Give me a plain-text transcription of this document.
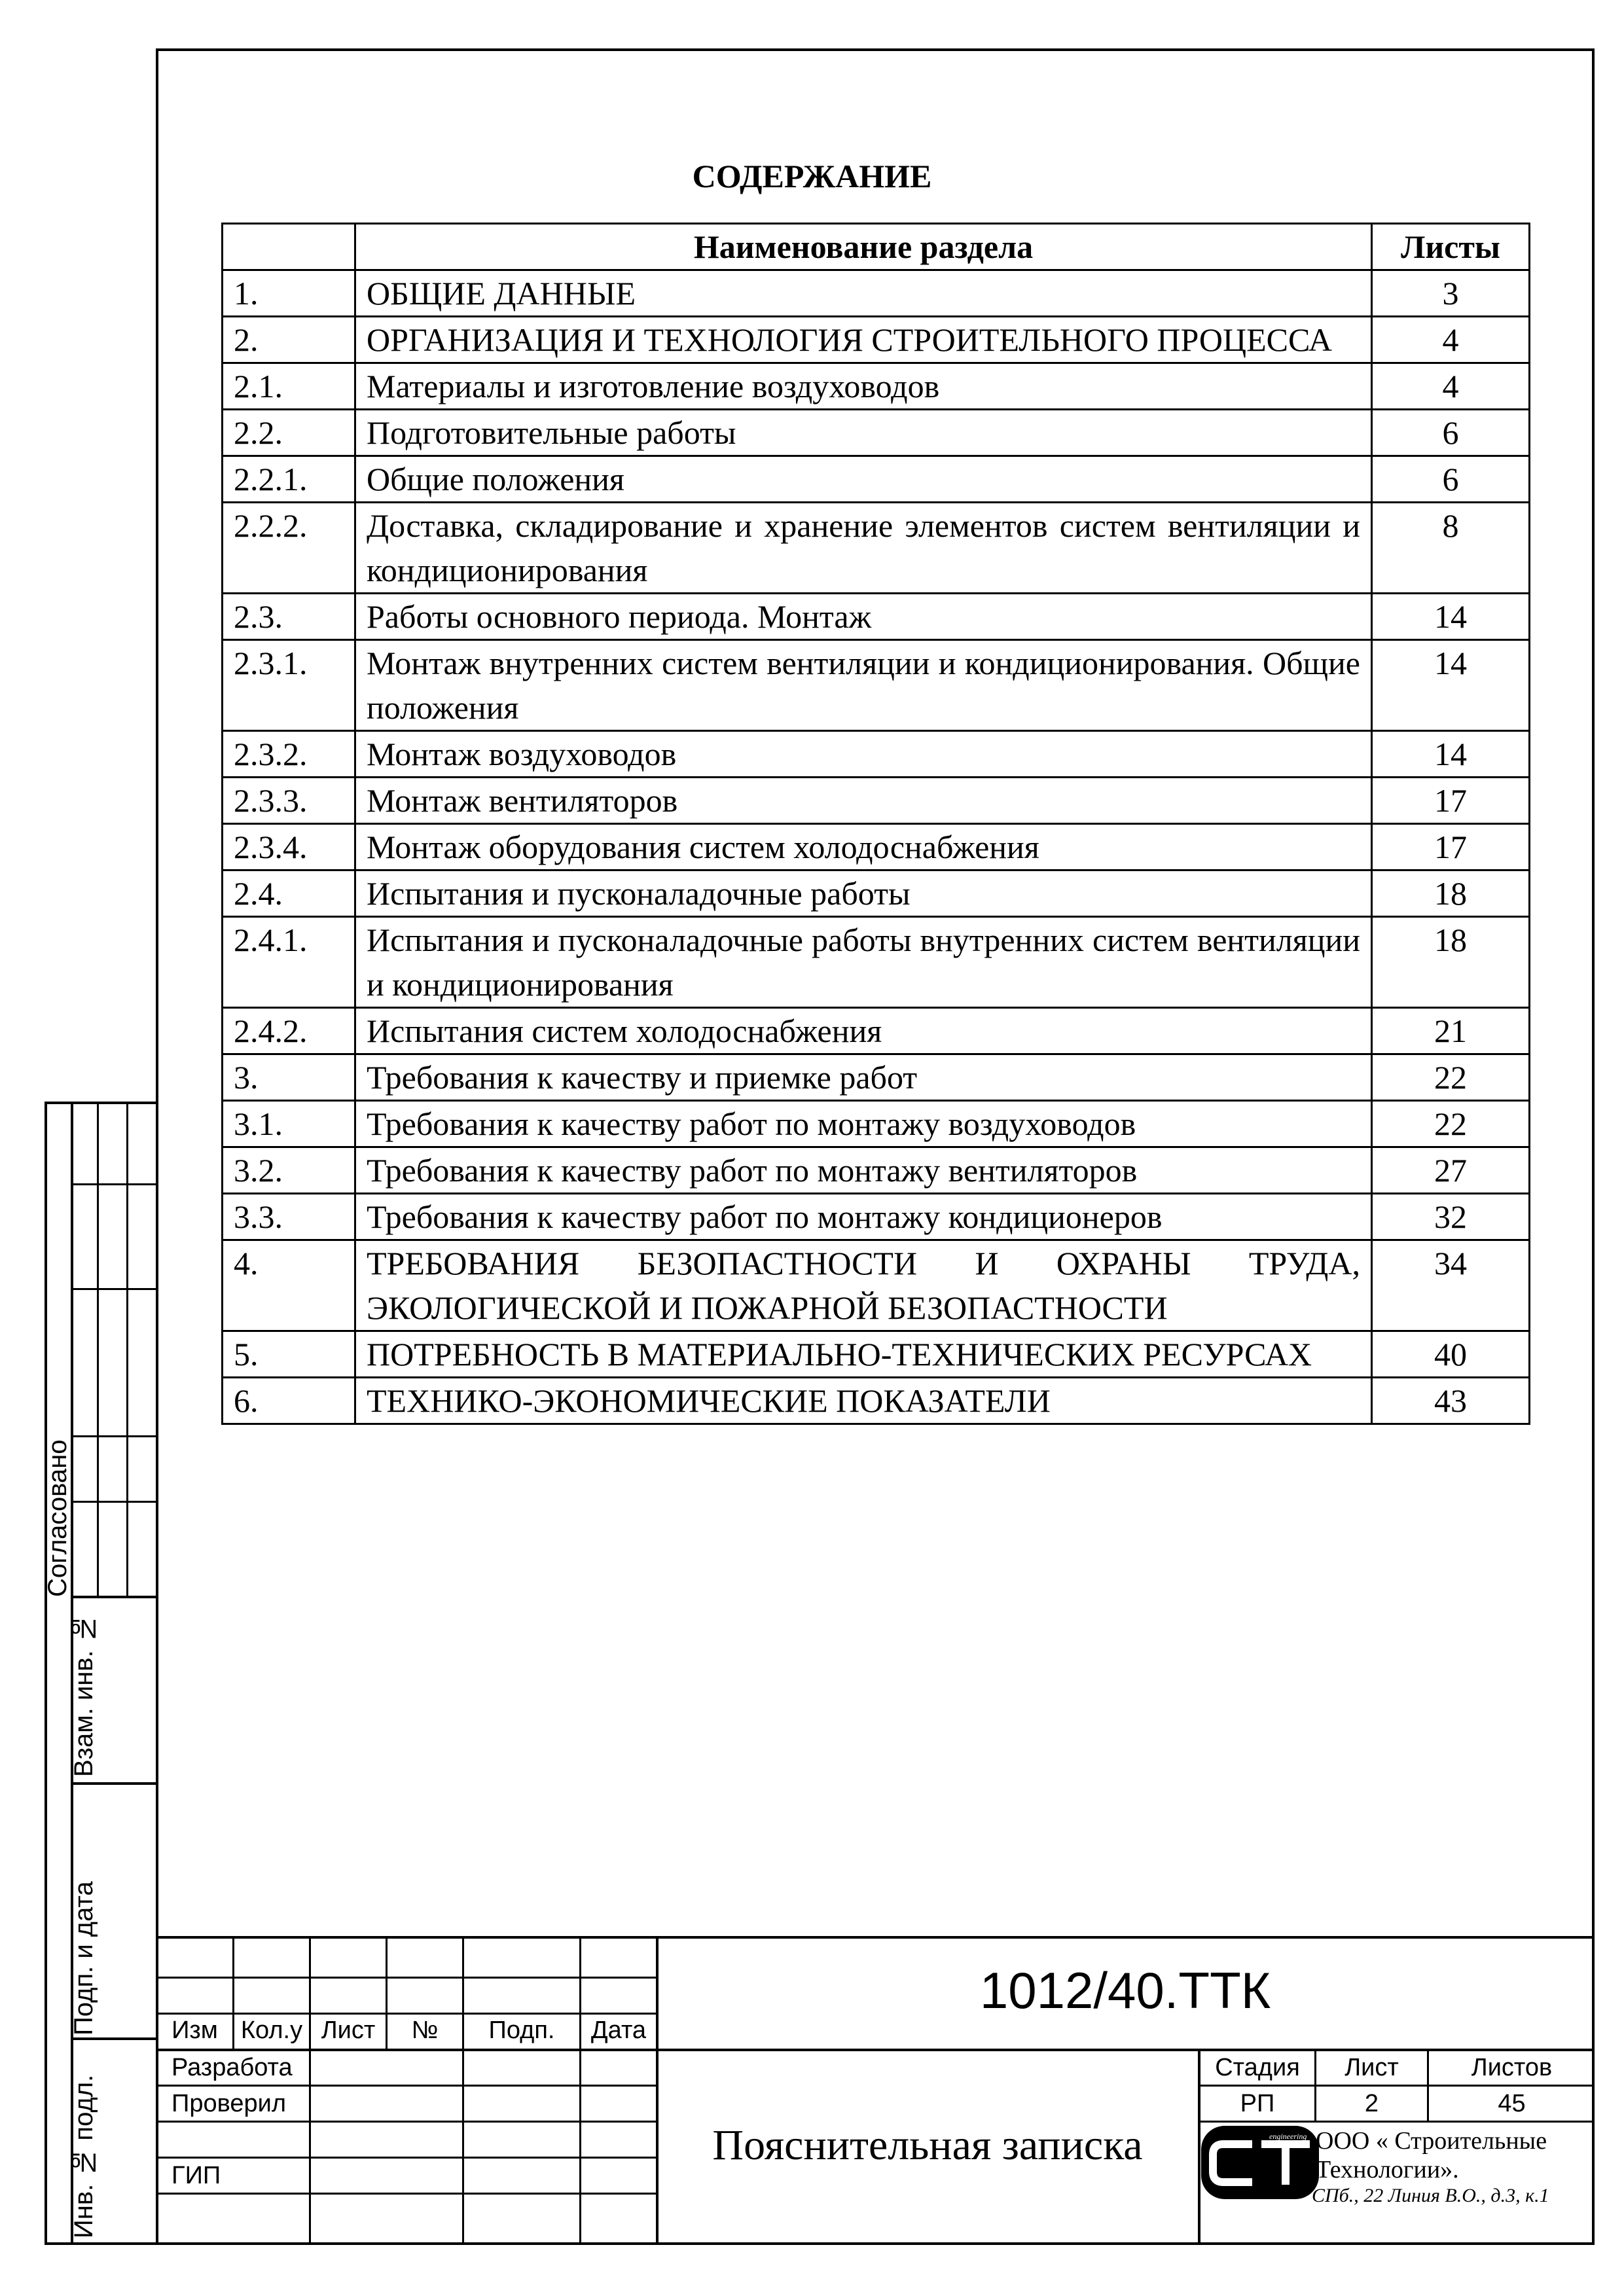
СОДЕРЖАНИЕ
	Наименование раздела	Листы
1.	ОБЩИЕ ДАННЫЕ	3
2.	ОРГАНИЗАЦИЯ И ТЕХНОЛОГИЯ СТРОИТЕЛЬНОГО ПРОЦЕССА	4
2.1.	Материалы и изготовление воздуховодов	4
2.2.	Подготовительные работы	6
2.2.1.	Общие положения	6
2.2.2.	Доставка, складирование и хранение элементов систем вентиляции и кондиционирования	8
2.3.	Работы основного периода. Монтаж	14
2.3.1.	Монтаж внутренних систем вентиляции и кондиционирования. Общие положения	14
2.3.2.	Монтаж воздуховодов	14
2.3.3.	Монтаж вентиляторов	17
2.3.4.	Монтаж оборудования систем холодоснабжения	17
2.4.	Испытания и пусконаладочные работы	18
2.4.1.	Испытания и пусконаладочные работы внутренних систем вентиляции и кондиционирования	18
2.4.2.	Испытания систем холодоснабжения	21
3.	Требования к качеству и приемке работ	22
3.1.	Требования к качеству работ по монтажу воздуховодов	22
3.2.	Требования к качеству работ по монтажу вентиляторов	27
3.3.	Требования к качеству работ по монтажу кондиционеров	32
4.	ТРЕБОВАНИЯ БЕЗОПАСТНОСТИ И ОХРАНЫ ТРУДА, ЭКОЛОГИЧЕСКОЙ И ПОЖАРНОЙ БЕЗОПАСТНОСТИ	34
5.	ПОТРЕБНОСТЬ В МАТЕРИАЛЬНО-ТЕХНИЧЕСКИХ РЕСУРСАХ	40
6.	ТЕХНИКО-ЭКОНОМИЧЕСКИЕ ПОКАЗАТЕЛИ	43
Согласовано
Взам. инв. №
Подп. и дата
Инв. № подл.
1012/40.ТТК
Изм Кол.у Лист	№	Подп.	Дата
Разработа
Проверил
ГИП
Пояснительная записка
Стадия	Лист	Листов
РП	2	45
engineering ООО « Строительные
Технологии».
СПб., 22 Линия В.О., д.3, к.1
